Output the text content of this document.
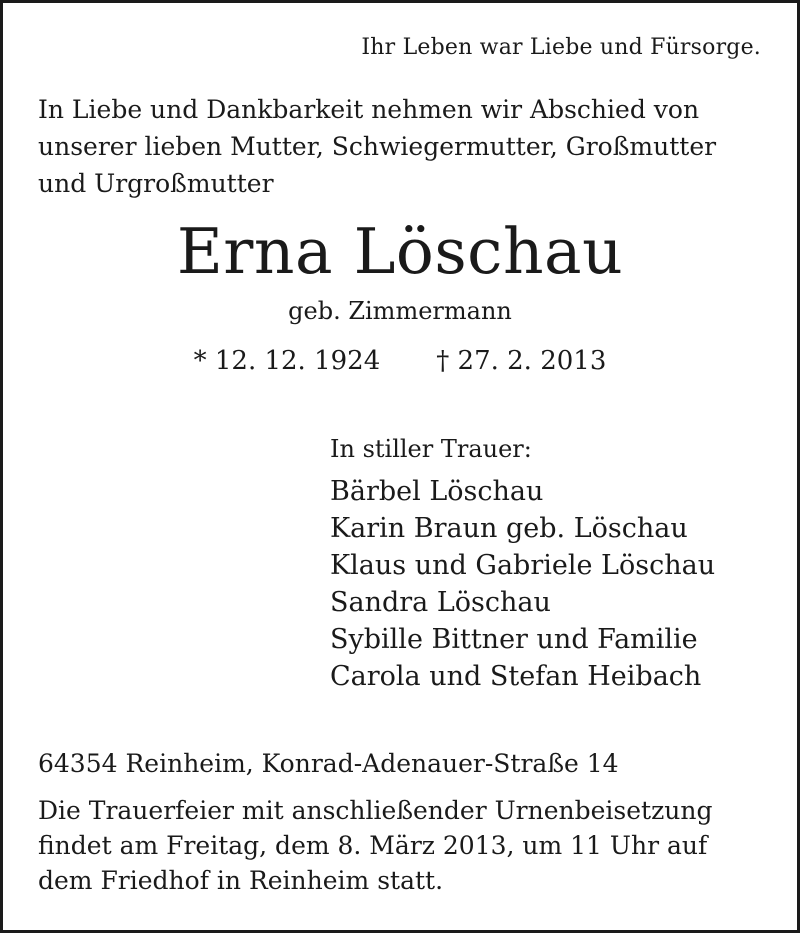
Ihr Leben war Liebe und Fürsorge.
In Liebe und Dankbarkeit nehmen wir Abschied von
unserer lieben Mutter, Schwiegermutter, Großmutter
und Urgroßmutter
Erna Löschau
geb. Zimmermann
* 12. 12. 1924 † 27. 2. 2013
In stiller Trauer:
Bärbel Löschau
Karin Braun geb. Löschau
Klaus und Gabriele Löschau
Sandra Löschau
Sybille Bittner und Familie
Carola und Stefan Heibach
64354 Reinheim, Konrad-Adenauer-Straße 14
Die Trauerfeier mit anschließender Urnenbeisetzung
findet am Freitag, dem 8. März 2013, um 11 Uhr auf
dem Friedhof in Reinheim statt.
